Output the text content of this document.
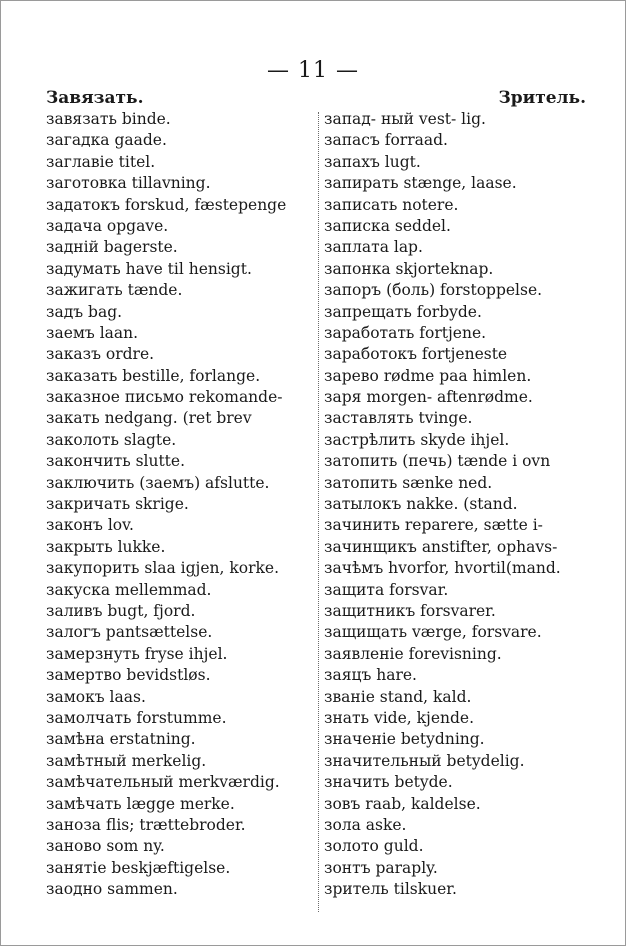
— 11 —
Завязать.	Зритель.
завязать binde.
загадка gaade.
заглавie titel.
заготовка tillavning.
задатокъ forskud, fæstepenge
задача opgave.
заднiй bagerste.
задумать have til hensigt.
зажигать tænde.
задъ bag.
заемъ laan.
заказъ ordre.
заказать bestille, forlange.
заказное письмо rekomande-
закать nedgang. (ret brev
заколоть slagte.
закончить slutte.
заключить (заемъ) afslutte.
закричать skrige.
законъ lov.
закрыть lukke.
закупорить slaa igjen, korke.
закуска mellemmad.
заливъ bugt, fjord.
залогъ pantsættelse.
замерзнуть fryse ihjel.
замертво bevidstløs.
замокъ laas.
замолчать forstumme.
замѣна erstatning.
замѣтный merkelig.
замѣчательный merkværdig.
замѣчать lægge merke.
заноза flis; trættebroder.
заново som ny.
занятie beskjæftigelse.
заодно sammen.
запад- ный vest- lig.
запасъ forraad.
запахъ lugt.
запирать stænge, laase.
записать notere.
записка seddel.
заплата lap.
запонка skjorteknap.
запоръ (боль) forstoppelse.
запрещать forbyde.
заработать fortjene.
заработокъ fortjeneste
зарево rødme paa himlen.
заря morgen- aftenrødme.
заставлять tvinge.
застрѣлить skyde ihjel.
затопить (печь) tænde i ovn
затопить sænke ned.
затылокъ nakke. (stand.
зачинить reparere, sætte i-
зачинщикъ anstifter, ophavs-
зачѣмъ hvorfor, hvortil(mand.
защита forsvar.
защитникъ forsvarer.
защищать værge, forsvare.
заявленie forevisning.
заяцъ hare.
званie stand, kald.
знать vide, kjende.
значенie betydning.
значительный betydelig.
значить betyde.
зовъ raab, kaldelse.
зола aske.
золото guld.
зонтъ paraply.
зритель tilskuer.
